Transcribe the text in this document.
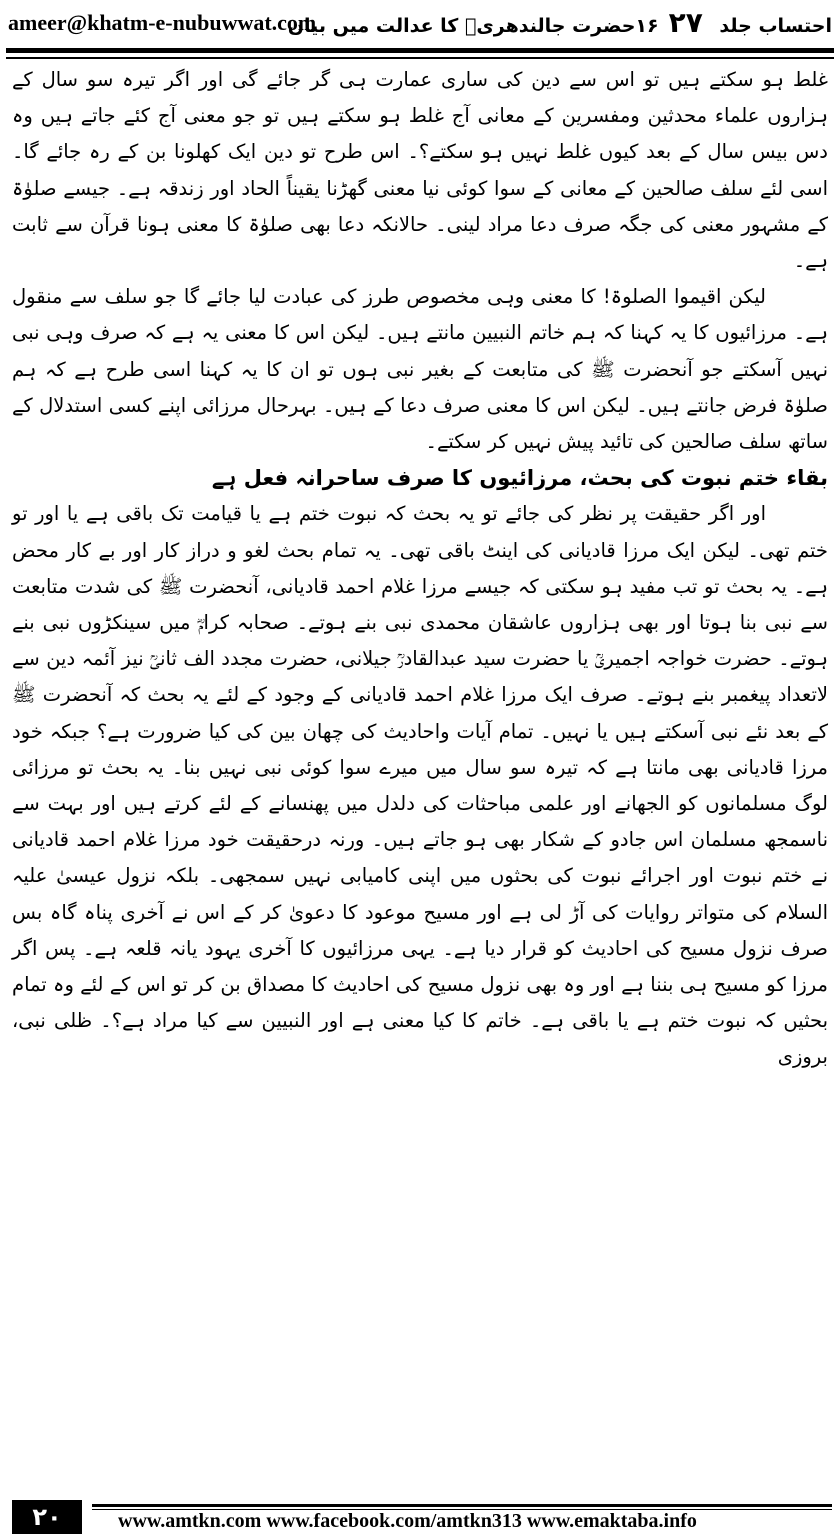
ameer@khatm-e-nubuwwat.com	احتساب جلد ۱۶۲۷حضرت جالندھریؒ کا عدالت میں بیان

غلط ہو سکتے ہیں تو اس سے دین کی ساری عمارت ہی گر جائے گی اور اگر تیرہ سو سال کے ہزاروں علماء محدثین ومفسرین کے معانی آج غلط ہو سکتے ہیں تو جو معنی آج کئے جاتے ہیں وہ دس بیس سال کے بعد کیوں غلط نہیں ہو سکتے؟۔ اس طرح تو دین ایک کھلونا بن کے رہ جائے گا۔ اسی لئے سلف صالحین کے معانی کے سوا کوئی نیا معنی گھڑنا یقیناً الحاد اور زندقہ ہے۔ جیسے صلوٰۃ کے مشہور معنی کی جگہ صرف دعا مراد لینی۔ حالانکہ دعا بھی صلوٰۃ کا معنی ہونا قرآن سے ثابت ہے۔

لیکن اقیموا الصلوۃ! کا معنی وہی مخصوص طرز کی عبادت لیا جائے گا جو سلف سے منقول ہے۔ مرزائیوں کا یہ کہنا کہ ہم خاتم النبیین مانتے ہیں۔ لیکن اس کا معنی یہ ہے کہ صرف وہی نبی نہیں آسکتے جو آنحضرت ﷺ کی متابعت کے بغیر نبی ہوں تو ان کا یہ کہنا اسی طرح ہے کہ ہم صلوٰۃ فرض جانتے ہیں۔ لیکن اس کا معنی صرف دعا کے ہیں۔ بہرحال مرزائی اپنے کسی استدلال کے ساتھ سلف صالحین کی تائید پیش نہیں کر سکتے۔

بقاء ختم نبوت کی بحث، مرزائیوں کا صرف ساحرانہ فعل ہے

اور اگر حقیقت پر نظر کی جائے تو یہ بحث کہ نبوت ختم ہے یا قیامت تک باقی ہے یا اور تو ختم تھی۔ لیکن ایک مرزا قادیانی کی اینٹ باقی تھی۔ یہ تمام بحث لغو و دراز کار اور بے کار محض ہے۔ یہ بحث تو تب مفید ہو سکتی کہ جیسے مرزا غلام احمد قادیانی، آنحضرت ﷺ کی شدت متابعت سے نبی بنا ہوتا اور بھی ہزاروں عاشقان محمدی نبی بنے ہوتے۔ صحابہ کرامؓ میں سینکڑوں نبی بنے ہوتے۔ حضرت خواجہ اجمیریؒ یا حضرت سید عبدالقادرؒ جیلانی، حضرت مجدد الف ثانیؒ نیز آئمہ دین سے لاتعداد پیغمبر بنے ہوتے۔ صرف ایک مرزا غلام احمد قادیانی کے وجود کے لئے یہ بحث کہ آنحضرت ﷺ کے بعد نئے نبی آسکتے ہیں یا نہیں۔ تمام آیات واحادیث کی چھان بین کی کیا ضرورت ہے؟ جبکہ خود مرزا قادیانی بھی مانتا ہے کہ تیرہ سو سال میں میرے سوا کوئی نبی نہیں بنا۔ یہ بحث تو مرزائی لوگ مسلمانوں کو الجھانے اور علمی مباحثات کی دلدل میں پھنسانے کے لئے کرتے ہیں اور بہت سے ناسمجھ مسلمان اس جادو کے شکار بھی ہو جاتے ہیں۔ ورنہ درحقیقت خود مرزا غلام احمد قادیانی نے ختم نبوت اور اجرائے نبوت کی بحثوں میں اپنی کامیابی نہیں سمجھی۔ بلکہ نزول عیسیٰ علیہ السلام کی متواتر روایات کی آڑ لی ہے اور مسیح موعود کا دعویٰ کر کے اس نے آخری پناہ گاہ بس صرف نزول مسیح کی احادیث کو قرار دیا ہے۔ یہی مرزائیوں کا آخری یہود یانہ قلعہ ہے۔ پس اگر مرزا کو مسیح ہی بننا ہے اور وہ بھی نزول مسیح کی احادیث کا مصداق بن کر تو اس کے لئے وہ تمام بحثیں کہ نبوت ختم ہے یا باقی ہے۔ خاتم کا کیا معنی ہے اور النبیین سے کیا مراد ہے؟۔ ظلی نبی، بروزی

۲۰	www.amtkn.com www.facebook.com/amtkn313 www.emaktaba.info
